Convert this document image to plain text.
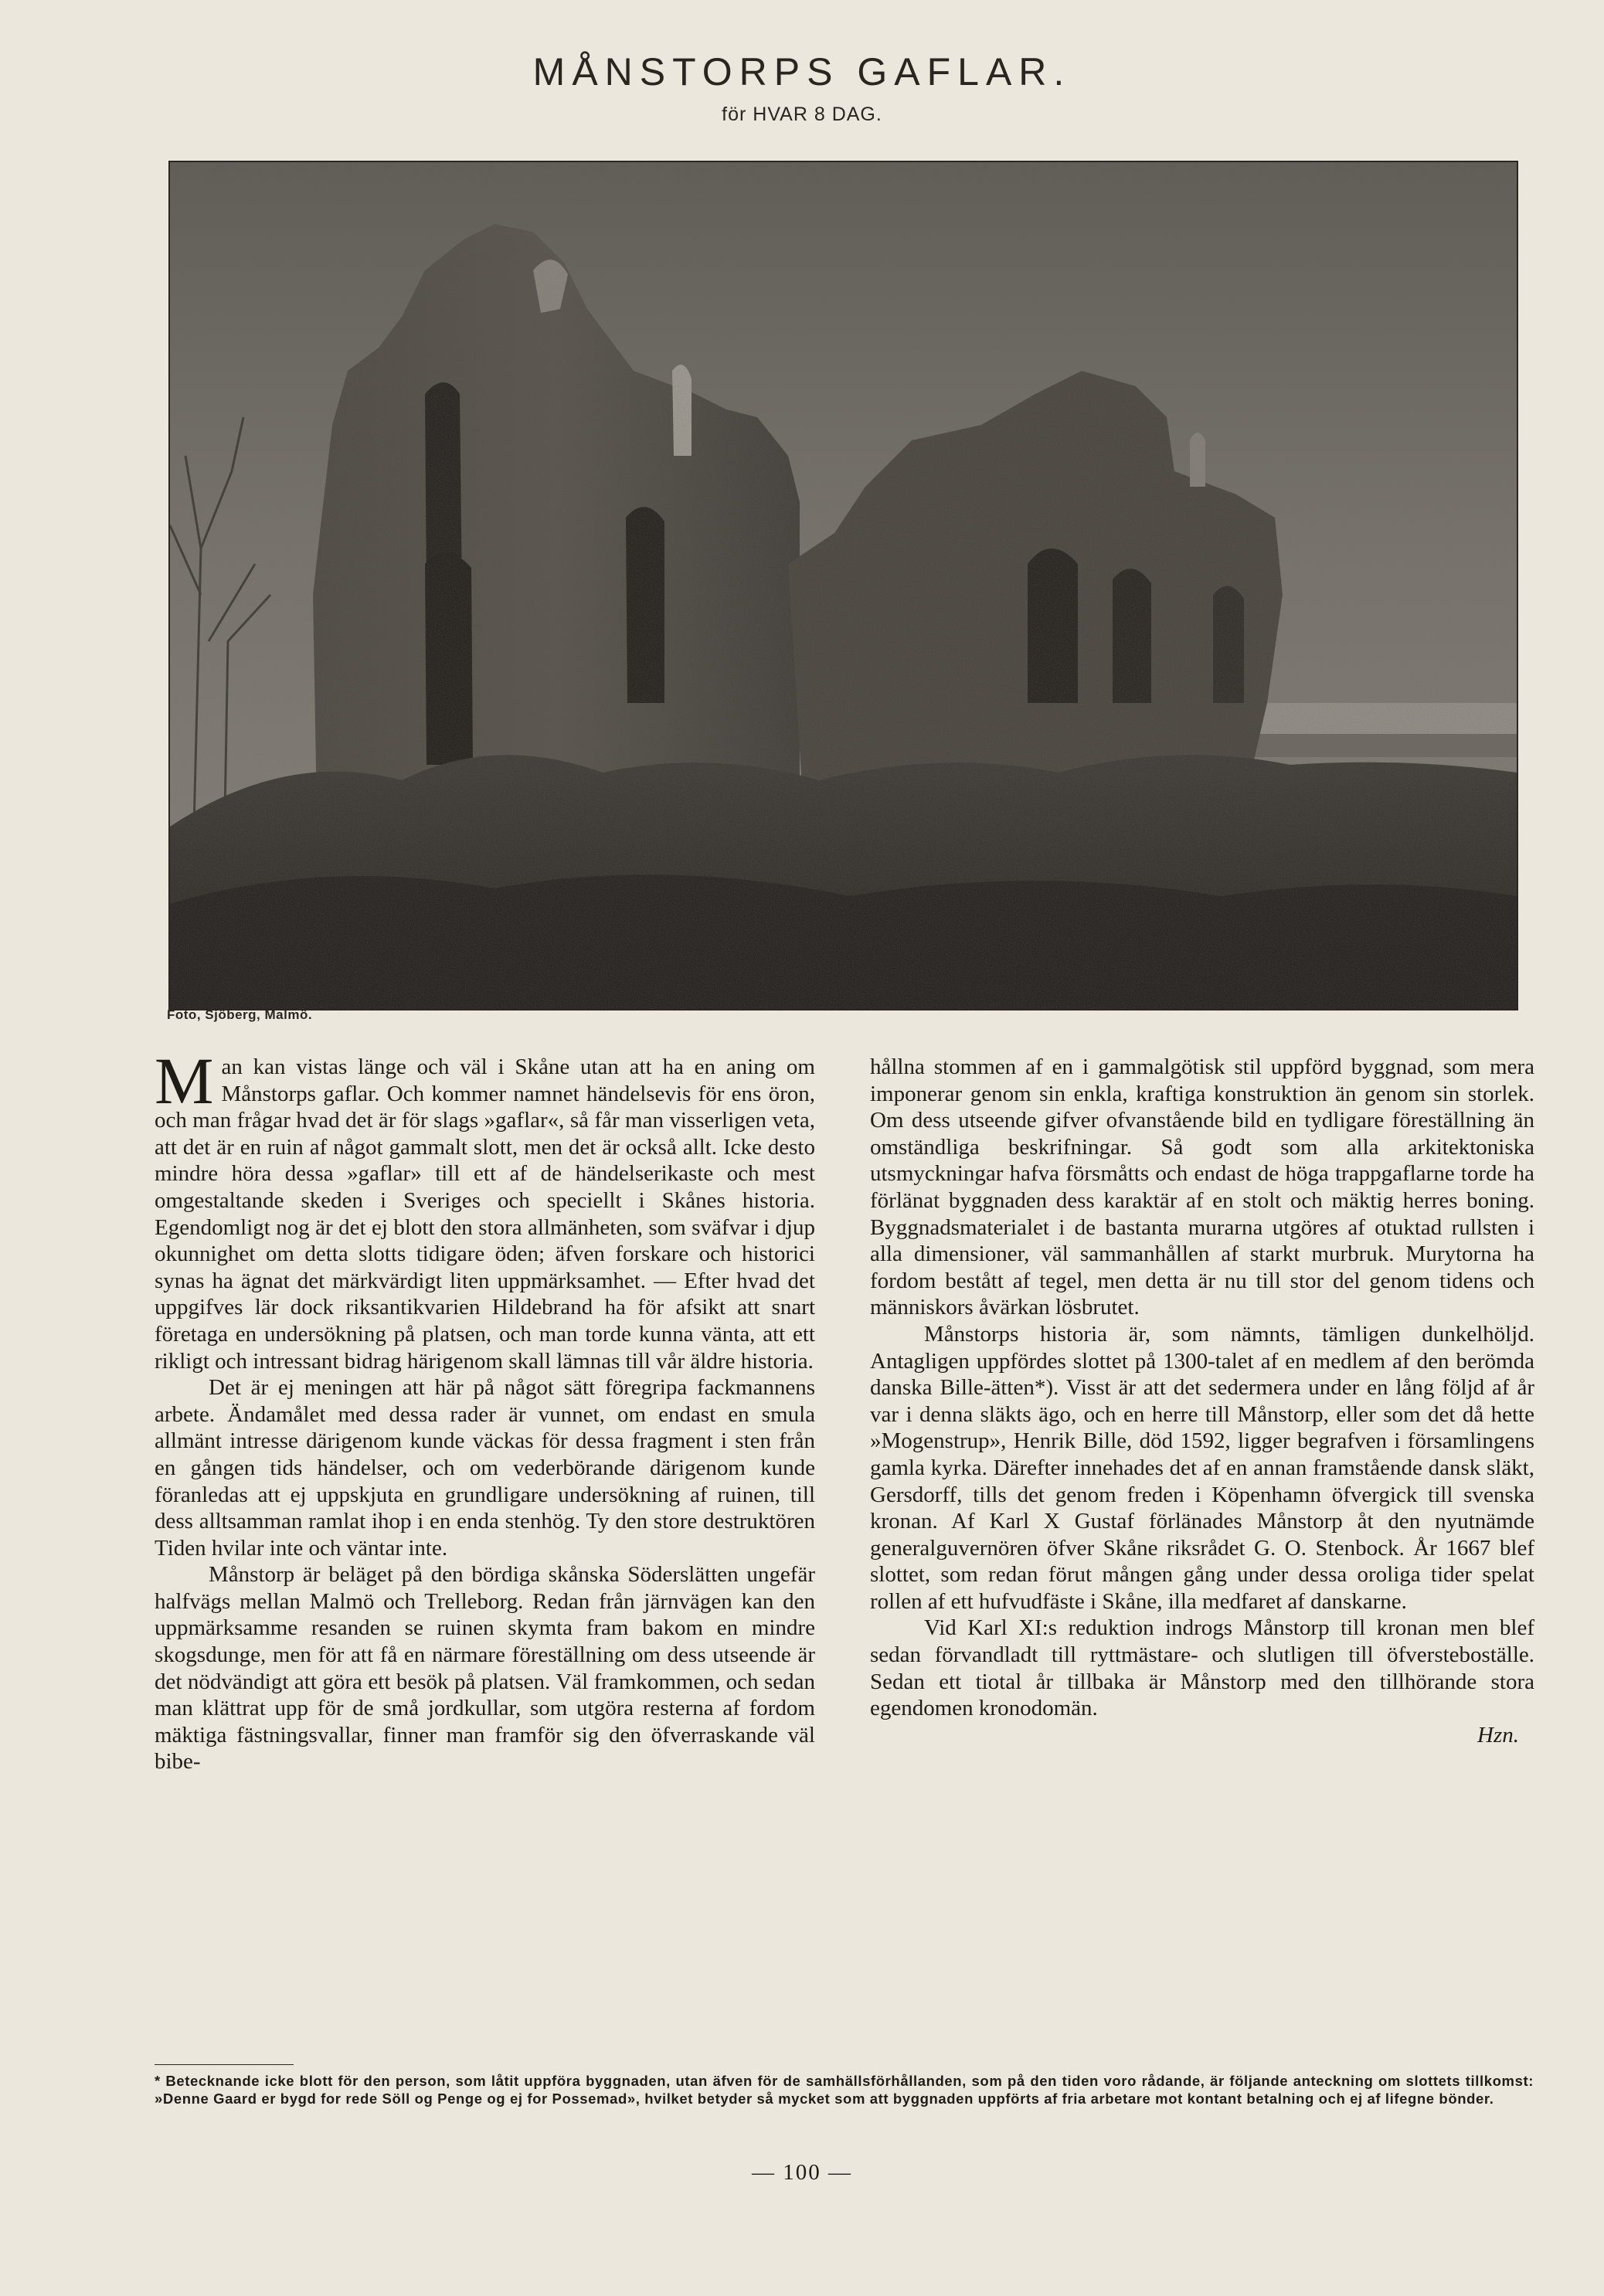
MÅNSTORPS GAFLAR.
för HVAR 8 DAG.
Foto, Sjöberg, Malmö.

Man kan vistas länge och väl i Skåne utan att ha en aning om Månstorps gaflar. Och kommer namnet händelsevis för ens öron, och man frågar hvad det är för slags »gaflar«, så får man visserligen veta, att det är en ruin af något gammalt slott, men det är också allt. Icke desto mindre höra dessa »gaflar» till ett af de händelserikaste och mest omgestaltande skeden i Sveriges och speciellt i Skånes historia. Egendomligt nog är det ej blott den stora allmänheten, som sväfvar i djup okunnighet om detta slotts tidigare öden; äfven forskare och historici synas ha ägnat det märkvärdigt liten uppmärksamhet. — Efter hvad det uppgifves lär dock riksantikvarien Hildebrand ha för afsikt att snart företaga en undersökning på platsen, och man torde kunna vänta, att ett rikligt och intressant bidrag härigenom skall lämnas till vår äldre historia.

Det är ej meningen att här på något sätt föregripa fackmannens arbete. Ändamålet med dessa rader är vunnet, om endast en smula allmänt intresse därigenom kunde väckas för dessa fragment i sten från en gången tids händelser, och om vederbörande därigenom kunde föranledas att ej uppskjuta en grundligare undersökning af ruinen, till dess alltsamman ramlat ihop i en enda stenhög. Ty den store destruktören Tiden hvilar inte och väntar inte.

Månstorp är beläget på den bördiga skånska Söderslätten ungefär halfvägs mellan Malmö och Trelleborg. Redan från järnvägen kan den uppmärksamme resanden se ruinen skymta fram bakom en mindre skogsdunge, men för att få en närmare föreställning om dess utseende är det nödvändigt att göra ett besök på platsen. Väl framkommen, och sedan man klättrat upp för de små jordkullar, som utgöra resterna af fordom mäktiga fästningsvallar, finner man framför sig den öfverraskande väl bibe-

hållna stommen af en i gammalgötisk stil uppförd byggnad, som mera imponerar genom sin enkla, kraftiga konstruktion än genom sin storlek. Om dess utseende gifver ofvanstående bild en tydligare föreställning än omständliga beskrifningar. Så godt som alla arkitektoniska utsmyckningar hafva försmåtts och endast de höga trappgaflarne torde ha förlänat byggnaden dess karaktär af en stolt och mäktig herres boning. Byggnadsmaterialet i de bastanta murarna utgöres af otuktad rullsten i alla dimensioner, väl sammanhållen af starkt murbruk. Murytorna ha fordom bestått af tegel, men detta är nu till stor del genom tidens och människors åvärkan lösbrutet.

Månstorps historia är, som nämnts, tämligen dunkelhöljd. Antagligen uppfördes slottet på 1300-talet af en medlem af den berömda danska Bille-ätten*). Visst är att det sedermera under en lång följd af år var i denna släkts ägo, och en herre till Månstorp, eller som det då hette »Mogenstrup», Henrik Bille, död 1592, ligger begrafven i församlingens gamla kyrka. Därefter innehades det af en annan framstående dansk släkt, Gersdorff, tills det genom freden i Köpenhamn öfvergick till svenska kronan. Af Karl X Gustaf förlänades Månstorp åt den nyutnämde generalguvernören öfver Skåne riksrådet G. O. Stenbock. År 1667 blef slottet, som redan förut mången gång under dessa oroliga tider spelat rollen af ett hufvudfäste i Skåne, illa medfaret af danskarne.

Vid Karl XI:s reduktion indrogs Månstorp till kronan men blef sedan förvandladt till ryttmästare- och slutligen till öfversteboställe. Sedan ett tiotal år tillbaka är Månstorp med den tillhörande stora egendomen kronodomän.

Hzn.

* Betecknande icke blott för den person, som låtit uppföra byggnaden, utan äfven för de samhällsförhållanden, som på den tiden voro rådande, är följande anteckning om slottets tillkomst: »Denne Gaard er bygd for rede Söll og Penge og ej for Possemad», hvilket betyder så mycket som att byggnaden uppförts af fria arbetare mot kontant betalning och ej af lifegne bönder.
— 100 —
